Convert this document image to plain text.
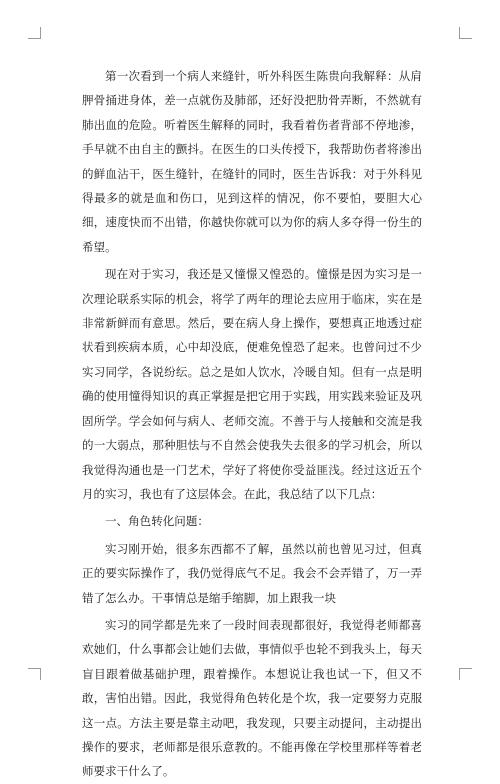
第一次看到一个病人来缝针，听外科医生陈贵向我解释：从肩胛骨捅进身体，差一点就伤及肺部，还好没把肋骨弄断，不然就有肺出血的危险。听着医生解释的同时，我看着伤者背部不停地渗，手早就不由自主的颤抖。在医生的口头传授下，我帮助伤者将渗出的鲜血沾干，医生缝针，在缝针的同时，医生告诉我：对于外科见得最多的就是血和伤口，见到这样的情况，你不要怕，要胆大心细，速度快而不出错，你越快你就可以为你的病人多夺得一份生的希望。

现在对于实习，我还是又憧憬又惶恐的。憧憬是因为实习是一次理论联系实际的机会，将学了两年的理论去应用于临床，实在是非常新鲜而有意思。然后，要在病人身上操作，要想真正地透过症状看到疾病本质，心中却没底，便难免惶恐了起来。也曾问过不少实习同学，各说纷纭。总之是如人饮水，冷暖自知。但有一点是明确的使用憧得知识的真正掌握是把它用于实践，用实践来验证及巩固所学。学会如何与病人、老师交流。不善于与人接触和交流是我的一大弱点，那种胆怯与不自然会使我失去很多的学习机会，所以我觉得沟通也是一门艺术，学好了将使你受益匪浅。经过这近五个月的实习，我也有了这层体会。在此，我总结了以下几点：

一、角色转化问题：

实习刚开始，很多东西都不了解，虽然以前也曾见习过，但真正的要实际操作了，我仍觉得底气不足。我会不会弄错了，万一弄错了怎么办。干事情总是缩手缩脚，加上跟我一块

实习的同学都是先来了一段时间表现都很好，我觉得老师都喜欢她们，什么事都会让她们去做，事情似乎也轮不到我头上，每天盲目跟着做基础护理，跟着操作。本想说让我也试一下，但又不敢，害怕出错。因此，我觉得角色转化是个坎，我一定要努力克服这一点。方法主要是靠主动吧，我发现，只要主动提问，主动提出操作的要求，老师都是很乐意教的。不能再像在学校里那样等着老师要求干什么了。
